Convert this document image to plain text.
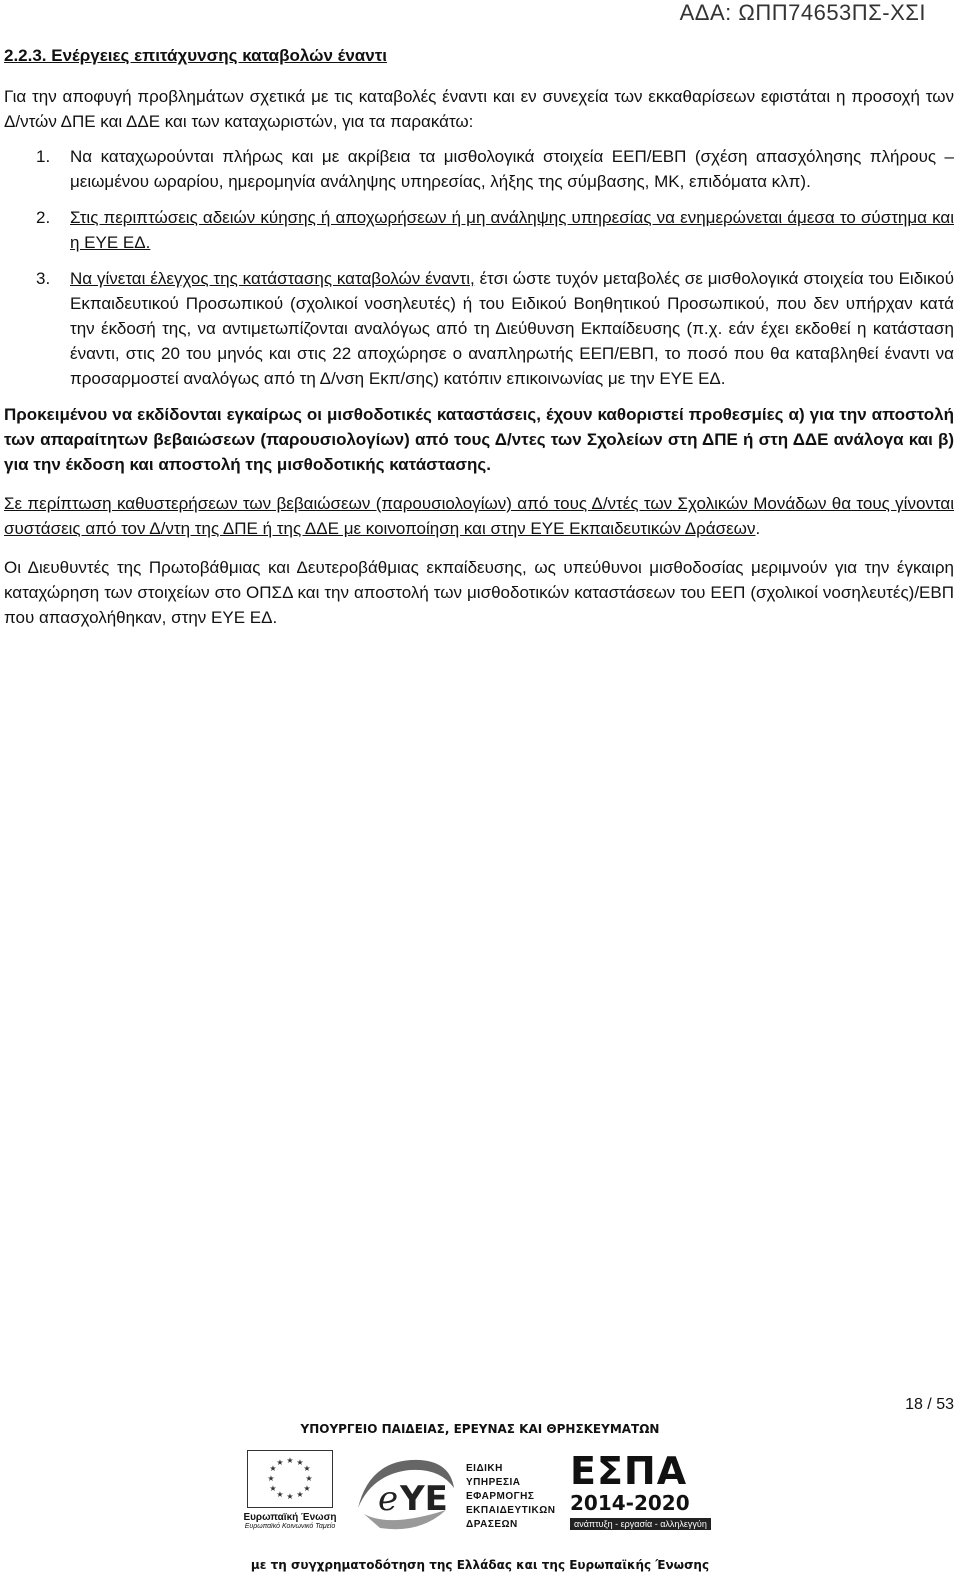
ΑΔΑ: ΩΠΠ74653ΠΣ-ΧΣΙ
2.2.3. Ενέργειες επιτάχυνσης καταβολών έναντι

Για την αποφυγή προβλημάτων σχετικά με τις καταβολές έναντι και εν συνεχεία των εκκαθαρίσεων εφιστάται η προσοχή των Δ/ντών ΔΠΕ και ΔΔΕ και των καταχωριστών, για τα παρακάτω:

1. Να καταχωρούνται πλήρως και με ακρίβεια τα μισθολογικά στοιχεία ΕΕΠ/ΕΒΠ (σχέση απασχόλησης πλήρους – μειωμένου ωραρίου, ημερομηνία ανάληψης υπηρεσίας, λήξης της σύμβασης, ΜΚ, επιδόματα κλπ).
2. Στις περιπτώσεις αδειών κύησης ή αποχωρήσεων ή μη ανάληψης υπηρεσίας να ενημερώνεται άμεσα το σύστημα και η ΕΥΕ ΕΔ.
3. Να γίνεται έλεγχος της κατάστασης καταβολών έναντι, έτσι ώστε τυχόν μεταβολές σε μισθολογικά στοιχεία του Ειδικού Εκπαιδευτικού Προσωπικού (σχολικοί νοσηλευτές) ή του Ειδικού Βοηθητικού Προσωπικού, που δεν υπήρχαν κατά την έκδοσή της, να αντιμετωπίζονται αναλόγως από τη Διεύθυνση Εκπαίδευσης (π.χ. εάν έχει εκδοθεί η κατάσταση έναντι, στις 20 του μηνός και στις 22 αποχώρησε ο αναπληρωτής ΕΕΠ/ΕΒΠ, το ποσό που θα καταβληθεί έναντι να προσαρμοστεί αναλόγως από τη Δ/νση Εκπ/σης) κατόπιν επικοινωνίας με την ΕΥΕ ΕΔ.

Προκειμένου να εκδίδονται εγκαίρως οι μισθοδοτικές καταστάσεις, έχουν καθοριστεί προθεσμίες α) για την αποστολή των απαραίτητων βεβαιώσεων (παρουσιολογίων) από τους Δ/ντες των Σχολείων στη ΔΠΕ ή στη ΔΔΕ ανάλογα και β) για την έκδοση και αποστολή της μισθοδοτικής κατάστασης.

Σε περίπτωση καθυστερήσεων των βεβαιώσεων (παρουσιολογίων) από τους Δ/ντές των Σχολικών Μονάδων θα τους γίνονται συστάσεις από τον Δ/ντη της ΔΠΕ ή της ΔΔΕ με κοινοποίηση και στην ΕΥΕ Εκπαιδευτικών Δράσεων.

Οι Διευθυντές της Πρωτοβάθμιας και Δευτεροβάθμιας εκπαίδευσης, ως υπεύθυνοι μισθοδοσίας μεριμνούν για την έγκαιρη καταχώρηση των στοιχείων στο ΟΠΣΔ και την αποστολή των μισθοδοτικών καταστάσεων του ΕΕΠ (σχολικοί νοσηλευτές)/ΕΒΠ που απασχολήθηκαν, στην ΕΥΕ ΕΔ.

18 / 53
ΥΠΟΥΡΓΕΙΟ ΠΑΙΔΕΙΑΣ, ΕΡΕΥΝΑΣ ΚΑΙ ΘΡΗΣΚΕΥΜΑΤΩΝ
★ ★
★
★
★
★
★
★
★
★
★
★
Ευρωπαϊκή Ένωση
Ευρωπαϊκό Κοινωνικό Ταμείο
e ΥΕ
ΕΙΔΙΚΗ
ΥΠΗΡΕΣΙΑ
ΕΦΑΡΜΟΓΗΣ
ΕΚΠΑΙΔΕΥΤΙΚΩΝ
ΔΡΑΣΕΩΝ
ΕΣΠΑ
2014-2020
ανάπτυξη - εργασία - αλληλεγγύη
με τη συγχρηματοδότηση της Ελλάδας και της Ευρωπαϊκής Ένωσης
